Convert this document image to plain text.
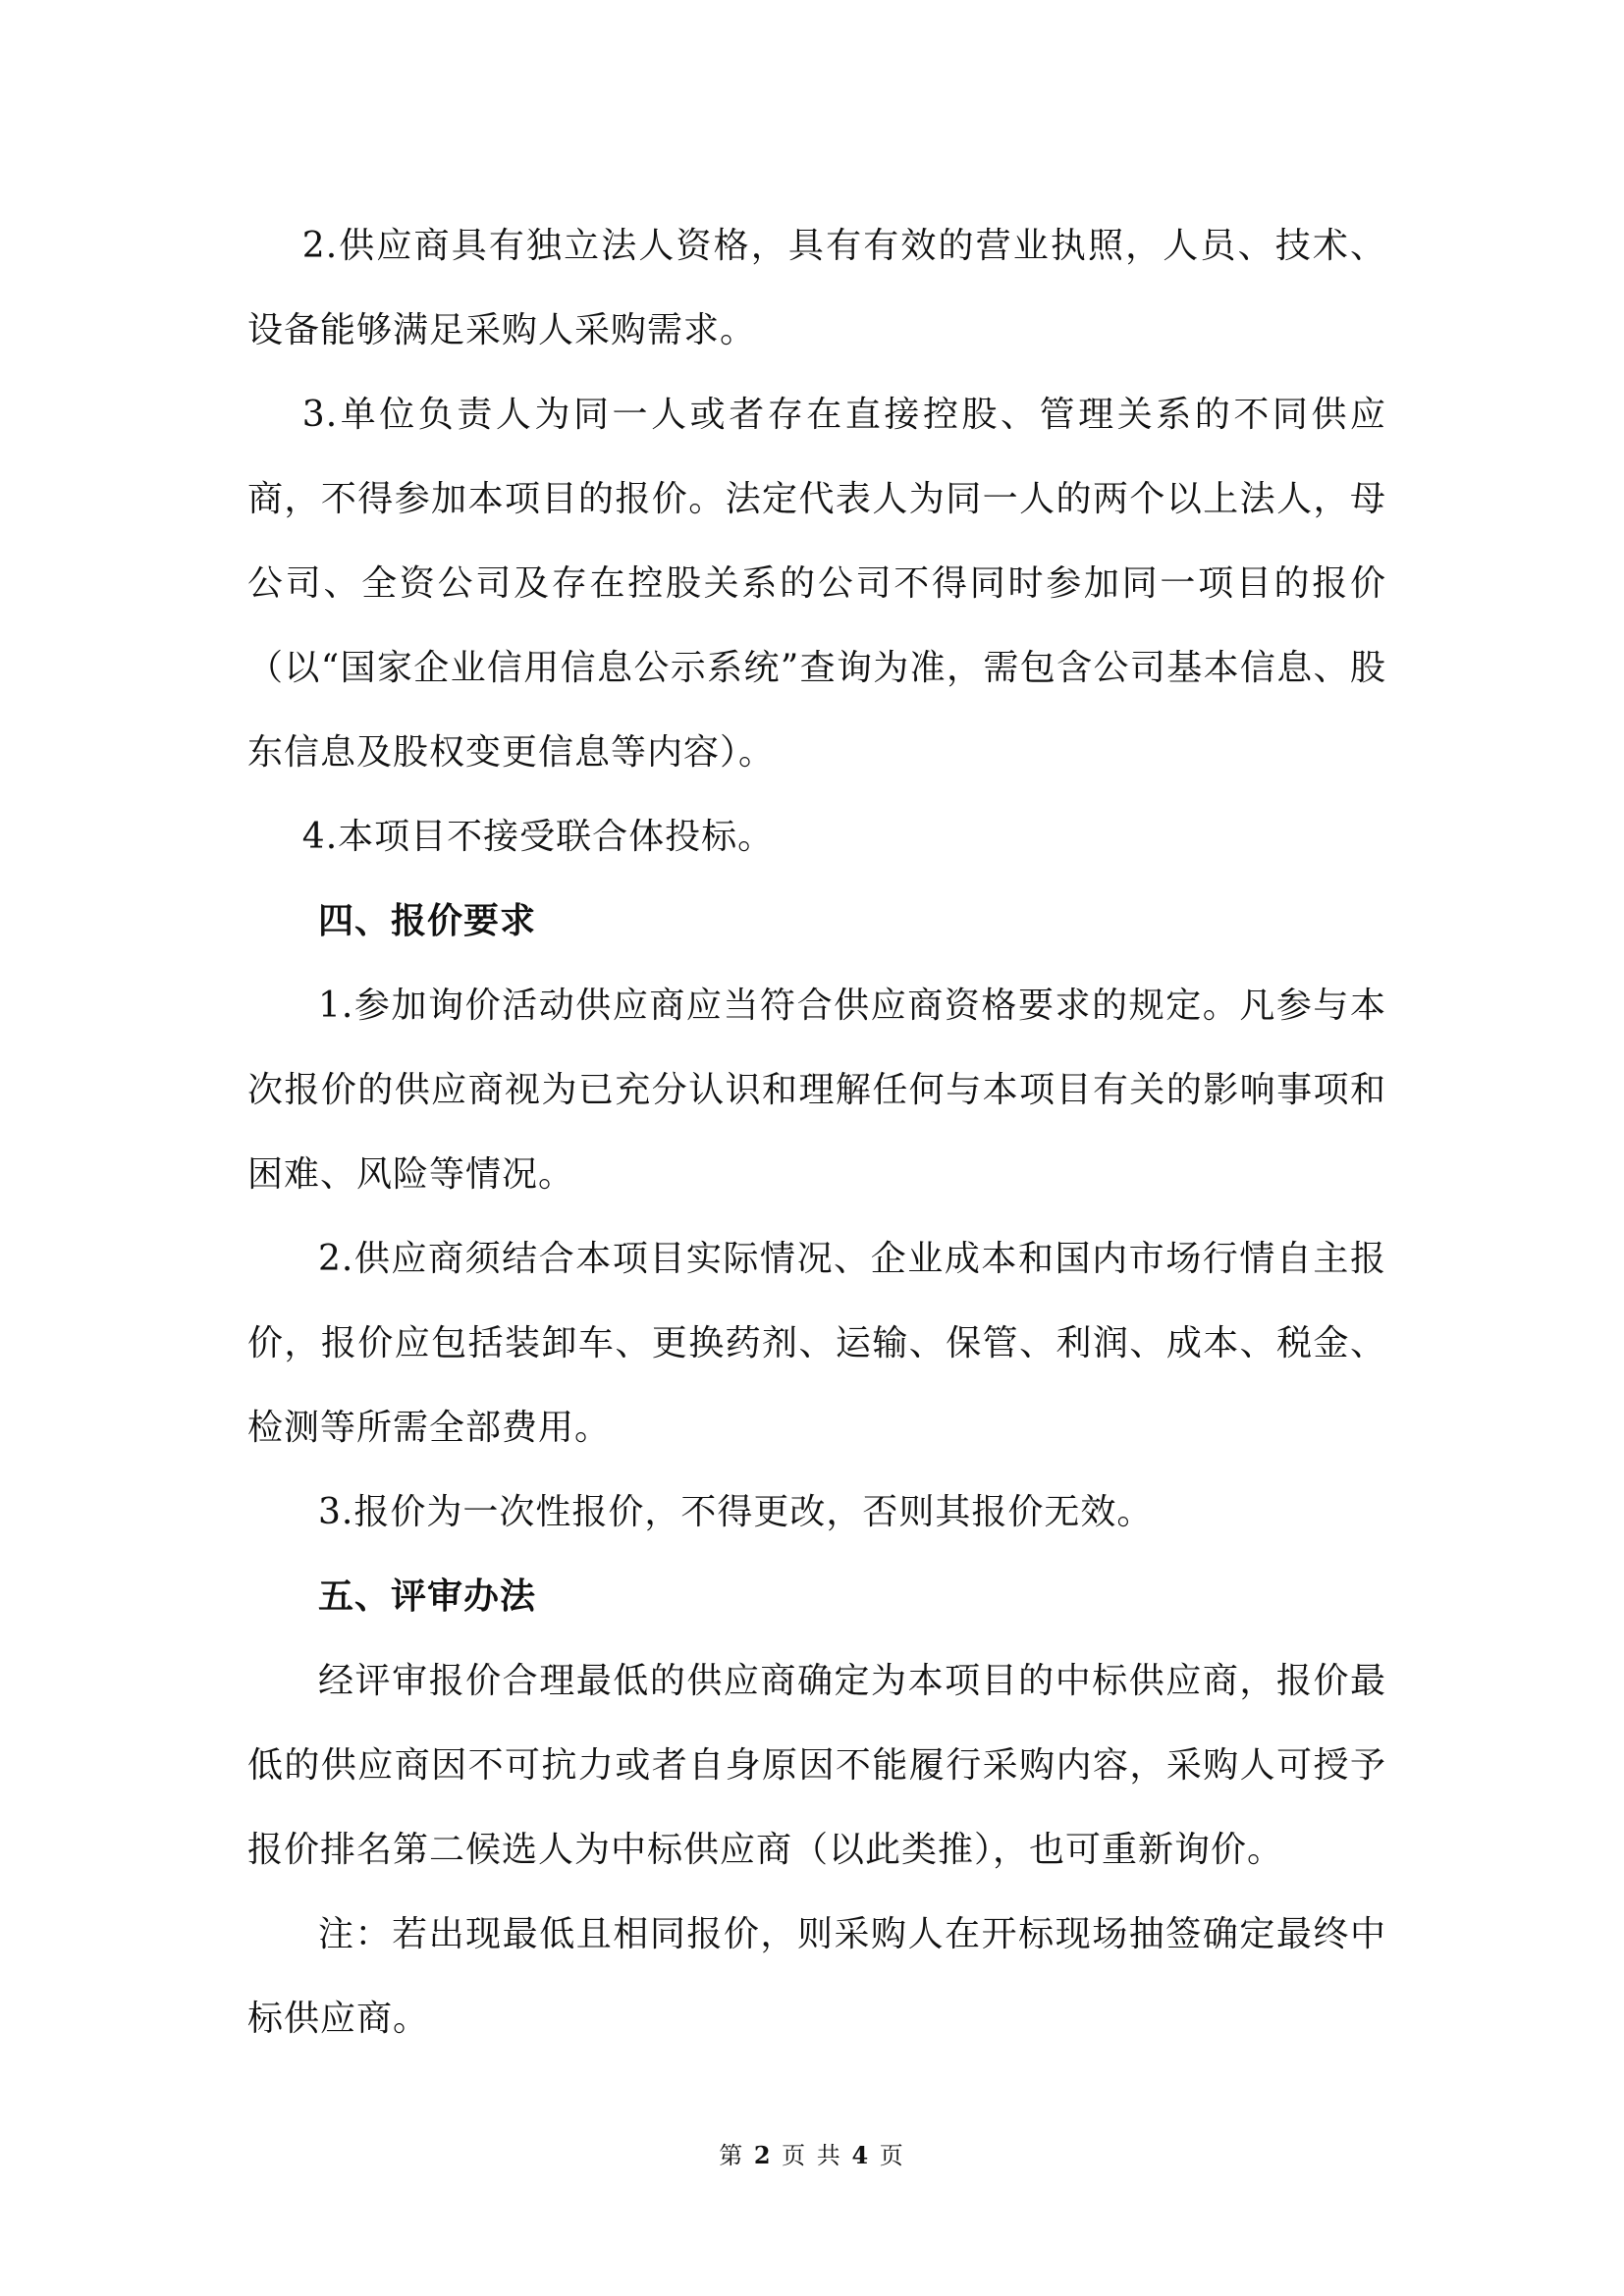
2.供应商具有独立法人资格，具有有效的营业执照，人员、技术、设备能够满足采购人采购需求。

3.单位负责人为同一人或者存在直接控股、管理关系的不同供应商，不得参加本项目的报价。法定代表人为同一人的两个以上法人，母公司、全资公司及存在控股关系的公司不得同时参加同一项目的报价（以“国家企业信用信息公示系统”查询为准，需包含公司基本信息、股东信息及股权变更信息等内容）。

4.本项目不接受联合体投标。

四、报价要求

1.参加询价活动供应商应当符合供应商资格要求的规定。凡参与本次报价的供应商视为已充分认识和理解任何与本项目有关的影响事项和困难、风险等情况。

2.供应商须结合本项目实际情况、企业成本和国内市场行情自主报价，报价应包括装卸车、更换药剂、运输、保管、利润、成本、税金、检测等所需全部费用。

3.报价为一次性报价，不得更改，否则其报价无效。

五、评审办法

经评审报价合理最低的供应商确定为本项目的中标供应商，报价最低的供应商因不可抗力或者自身原因不能履行采购内容，采购人可授予报价排名第二候选人为中标供应商（以此类推），也可重新询价。

注：若出现最低且相同报价，则采购人在开标现场抽签确定最终中标供应商。

第 2 页 共 4 页
